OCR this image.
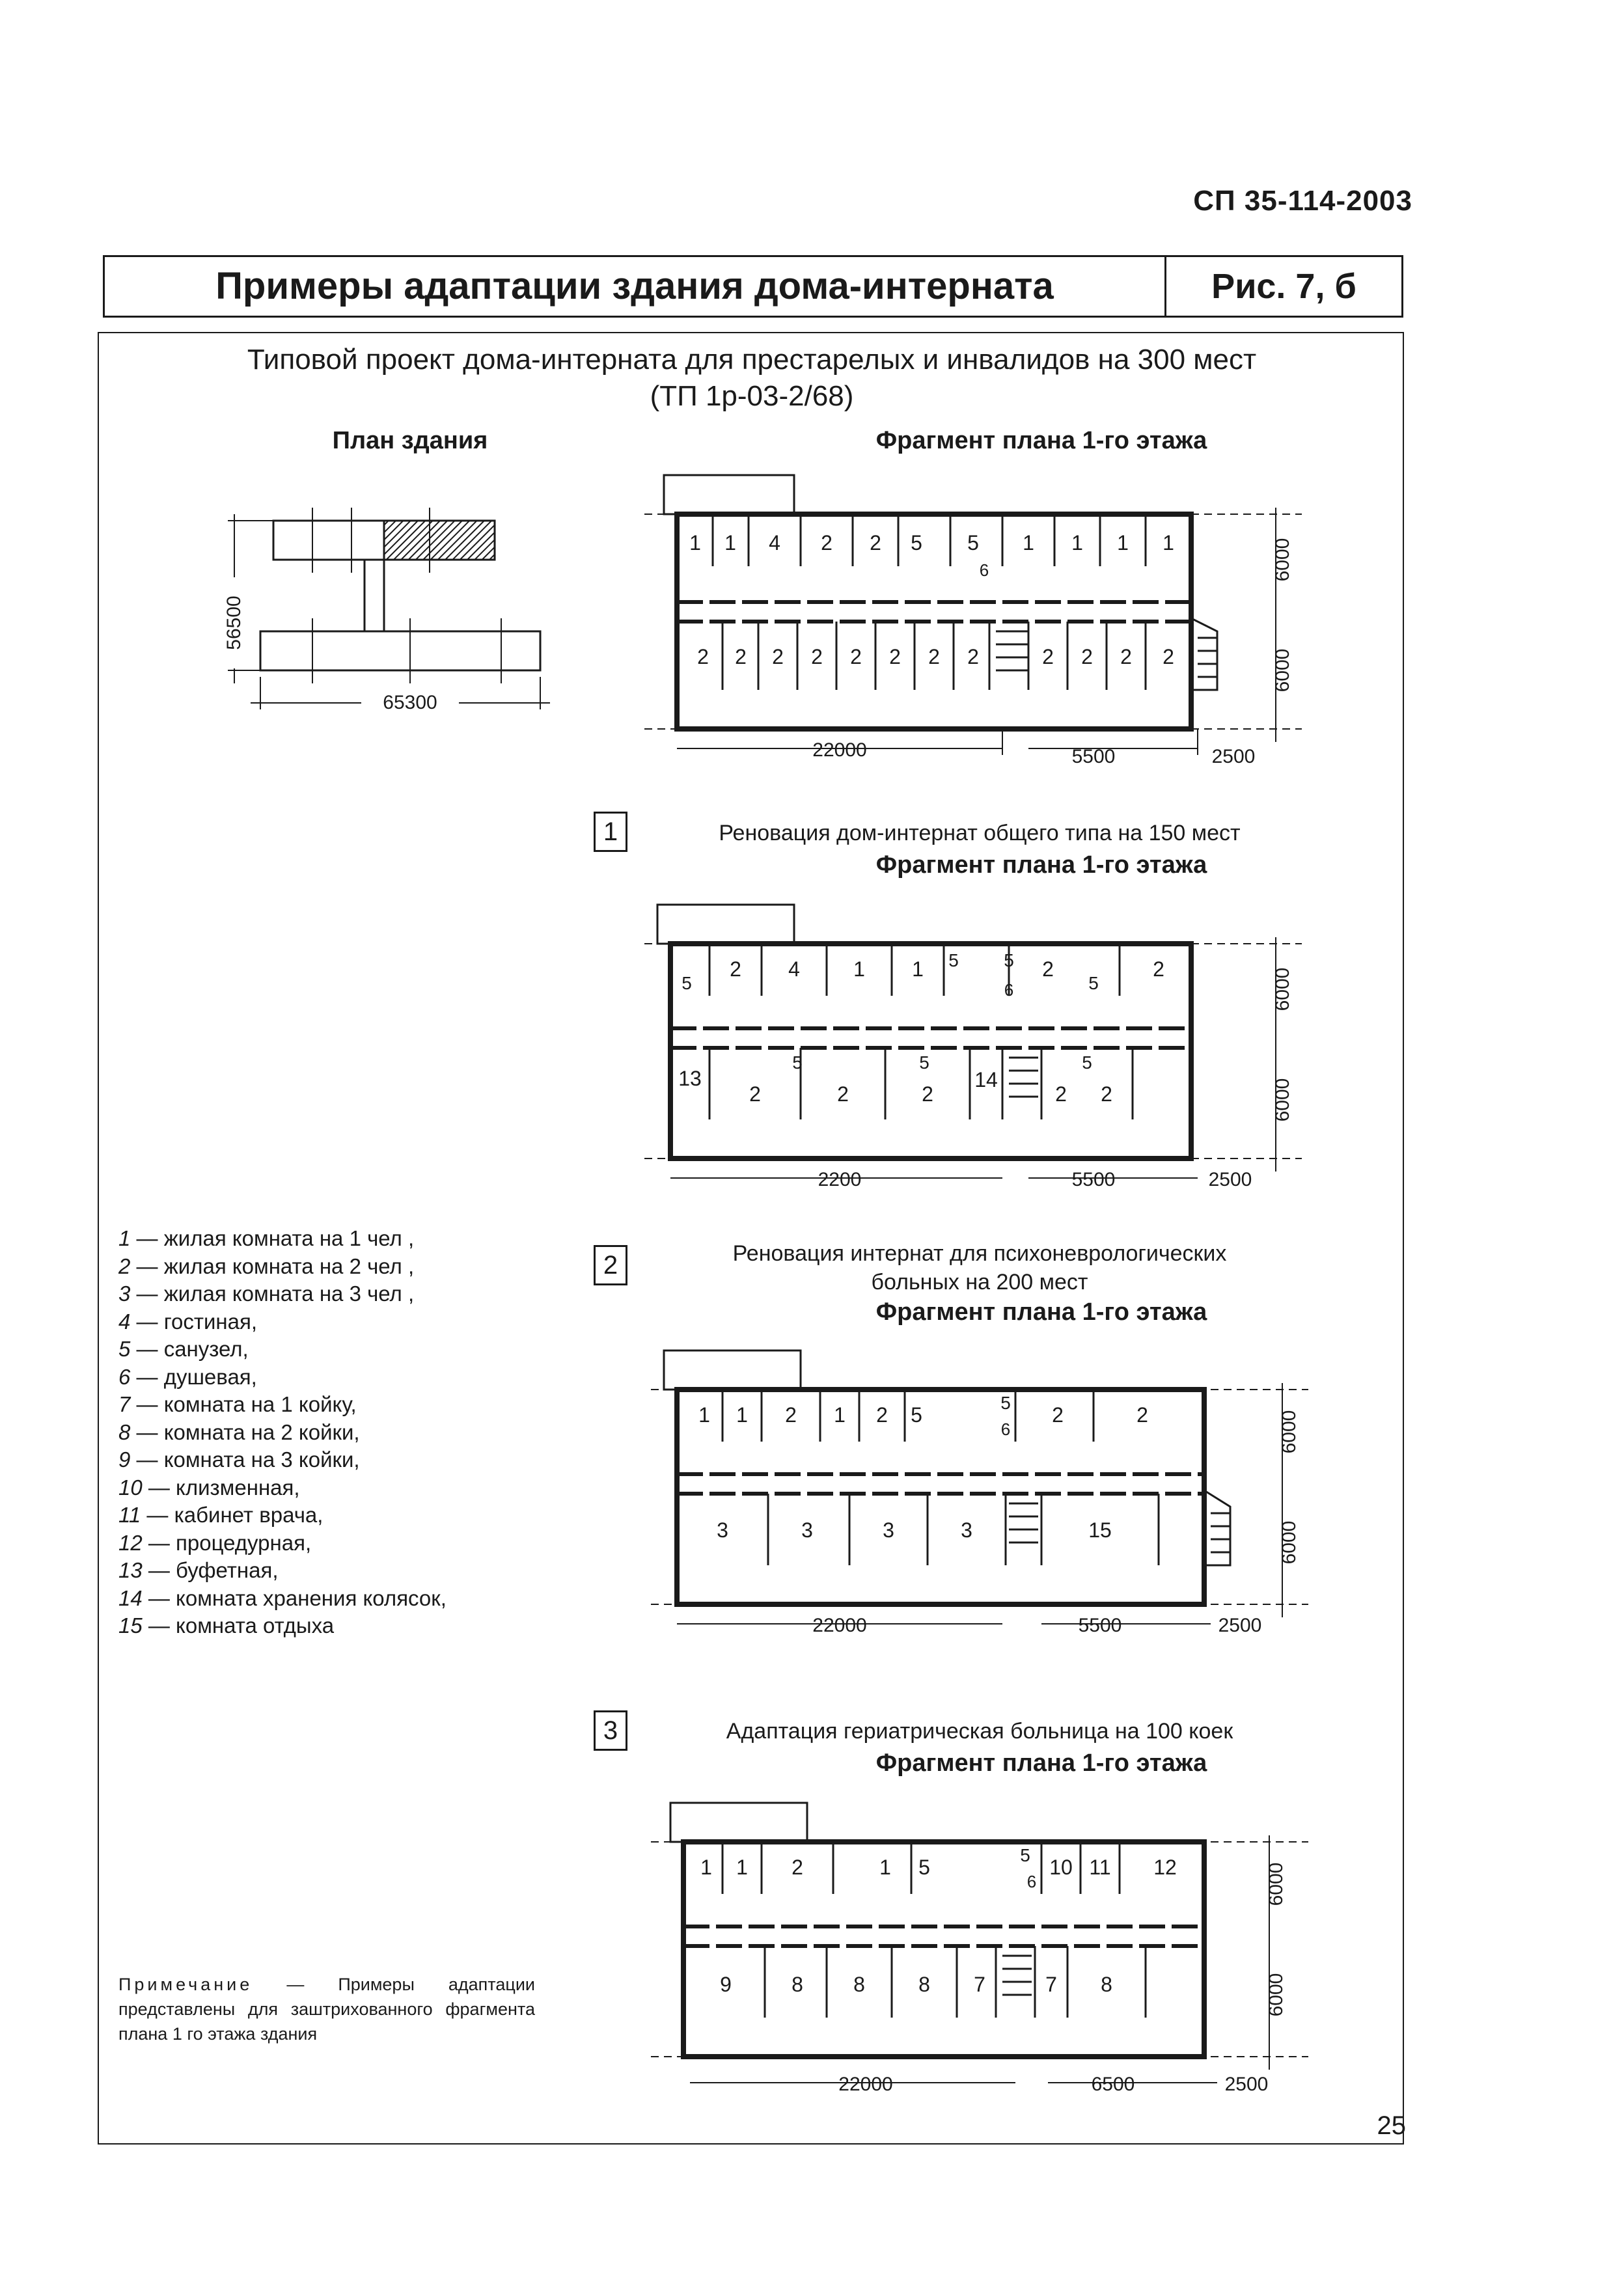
СП 35-114-2003
Примеры адаптации здания дома-интерната	Рис. 7, б
Типовой проект дома-интерната для престарелых и инвалидов на 300 мест
(ТП 1р-03-2/68)
План здания
56500
65300
Фрагмент плана 1-го этажа
1 1 4 2 2 5 5 1 1 1 1
6
2 2 2 2 2 2 2 2	2 2 2 2
22000	5500	2500
6000
6000
1	Реновация дом-интернат общего типа на 150 мест
Фрагмент плана 1-го этажа
5
2 4	1 1 5 5 2
5
2
6
13
2	2	2
14
2 2
5	5	5
2200	5500	2500
6000
6000
1 — жилая комната на 1 чел ,
2 — жилая комната на 2 чел ,
3 — жилая комната на 3 чел ,
4 — гостиная,
5 — санузел,
6 — душевая,
7 — комната на 1 койку,
8 — комната на 2 койки,
9 — комната на 3 койки,
10 — клизменная,
11 — кабинет врача,
12 — процедурная,
13 — буфетная,
14 — комната хранения колясок,
15 — комната отдыха
2	Реновация интернат для психоневрологических
больных на 200 мест
Фрагмент плана 1-го этажа
1 1 2 1 2 5
5
2	2
6
3	3	3	3	15
22000	5500	2500
6000
6000
3	Адаптация гериатрическая больница на 100 коек
Фрагмент плана 1-го этажа
1 1 2	1 5
5
10 11 12
6
9	8 8	8 7	7 8
22000	6500	2500
6000
6000
Примечание — Примеры адаптации представлены для заштрихованного фрагмента плана 1 го этажа здания
25
